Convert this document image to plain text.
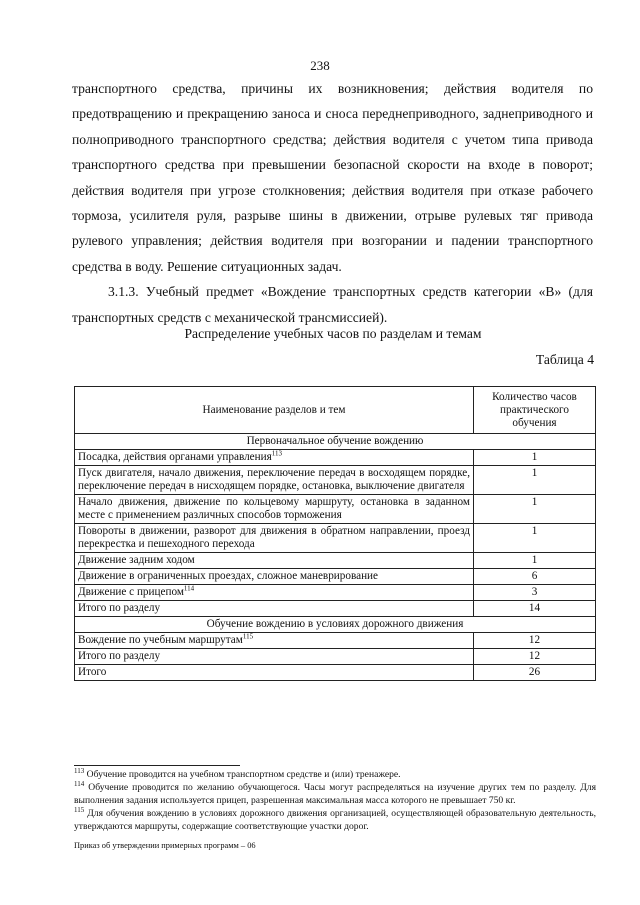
238

транспортного средства, причины их возникновения; действия водителя по предотвращению и прекращению заноса и сноса переднеприводного, заднеприводного и полноприводного транспортного средства; действия водителя с учетом типа привода транспортного средства при превышении безопасной скорости на входе в поворот; действия водителя при угрозе столкновения; действия водителя при отказе рабочего тормоза, усилителя руля, разрыве шины в движении, отрыве рулевых тяг привода рулевого управления; действия водителя при возгорании и падении транспортного средства в воду. Решение ситуационных задач.

3.1.3. Учебный предмет «Вождение транспортных средств категории «В» (для транспортных средств с механической трансмиссией).

Распределение учебных часов по разделам и темам
Таблица 4
Наименование разделов и тем	Количество часов практического обучения
Первоначальное обучение вождению	
Посадка, действия органами управления$^{113}$	1
Пуск двигателя, начало движения, переключение передач в восходящем порядке, переключение передач в нисходящем порядке, остановка, выключение двигателя	1
Начало движения, движение по кольцевому маршруту, остановка в заданном месте с применением различных способов торможения	1
Повороты в движении, разворот для движения в обратном направлении, проезд перекрестка и пешеходного перехода	1
Движение задним ходом	1
Движение в ограниченных проездах, сложное маневрирование	6
Движение с прицепом$^{114}$	3
Итого по разделу	14
Обучение вождению в условиях дорожного движения	
Вождение по учебным маршрутам$^{115}$	12
Итого по разделу	12
Итого	26

$^{113}$ Обучение проводится на учебном транспортном средстве и (или) тренажере.

$^{114}$ Обучение проводится по желанию обучающегося. Часы могут распределяться на изучение других тем по разделу. Для выполнения задания используется прицеп, разрешенная максимальная масса которого не превышает 750 кг.

$^{115}$ Для обучения вождению в условиях дорожного движения организацией, осуществляющей образовательную деятельность, утверждаются маршруты, содержащие соответствующие участки дорог.

Приказ об утверждении примерных программ – 06
